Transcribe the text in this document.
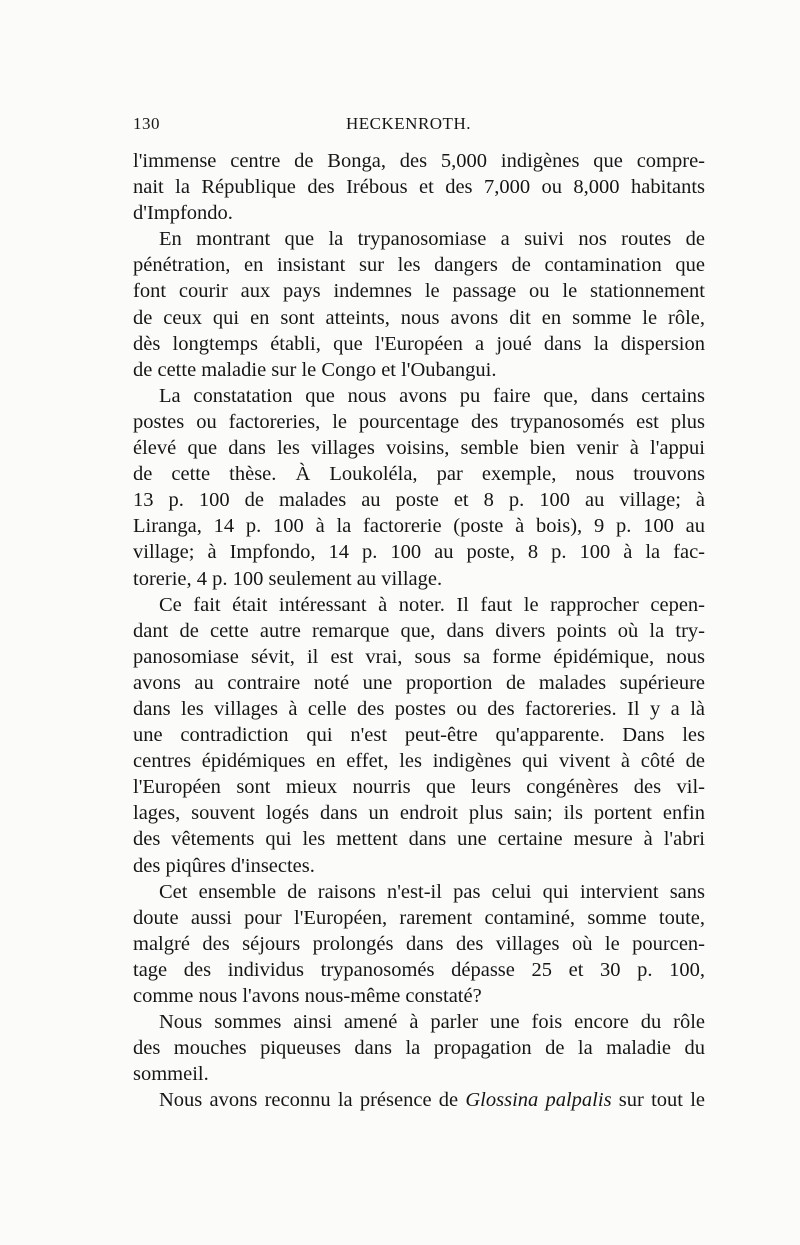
130	HECKENROTH.
l'immense centre de Bonga, des 5,000 indigènes que compre-
nait la République des Irébous et des 7,000 ou 8,000 habitants
d'Impfondo.
En montrant que la trypanosomiase a suivi nos routes de
pénétration, en insistant sur les dangers de contamination que
font courir aux pays indemnes le passage ou le stationnement
de ceux qui en sont atteints, nous avons dit en somme le rôle,
dès longtemps établi, que l'Européen a joué dans la dispersion
de cette maladie sur le Congo et l'Oubangui.
La constatation que nous avons pu faire que, dans certains
postes ou factoreries, le pourcentage des trypanosomés est plus
élevé que dans les villages voisins, semble bien venir à l'appui
de cette thèse. À Loukoléla, par exemple, nous trouvons
13 p. 100 de malades au poste et 8 p. 100 au village; à
Liranga, 14 p. 100 à la factorerie (poste à bois), 9 p. 100 au
village; à Impfondo, 14 p. 100 au poste, 8 p. 100 à la fac-
torerie, 4 p. 100 seulement au village.
Ce fait était intéressant à noter. Il faut le rapprocher cepen-
dant de cette autre remarque que, dans divers points où la try-
panosomiase sévit, il est vrai, sous sa forme épidémique, nous
avons au contraire noté une proportion de malades supérieure
dans les villages à celle des postes ou des factoreries. Il y a là
une contradiction qui n'est peut-être qu'apparente. Dans les
centres épidémiques en effet, les indigènes qui vivent à côté de
l'Européen sont mieux nourris que leurs congénères des vil-
lages, souvent logés dans un endroit plus sain; ils portent enfin
des vêtements qui les mettent dans une certaine mesure à l'abri
des piqûres d'insectes.
Cet ensemble de raisons n'est-il pas celui qui intervient sans
doute aussi pour l'Européen, rarement contaminé, somme toute,
malgré des séjours prolongés dans des villages où le pourcen-
tage des individus trypanosomés dépasse 25 et 30 p. 100,
comme nous l'avons nous-même constaté?
Nous sommes ainsi amené à parler une fois encore du rôle
des mouches piqueuses dans la propagation de la maladie du
sommeil.
Nous avons reconnu la présence de Glossina palpalis sur tout le
